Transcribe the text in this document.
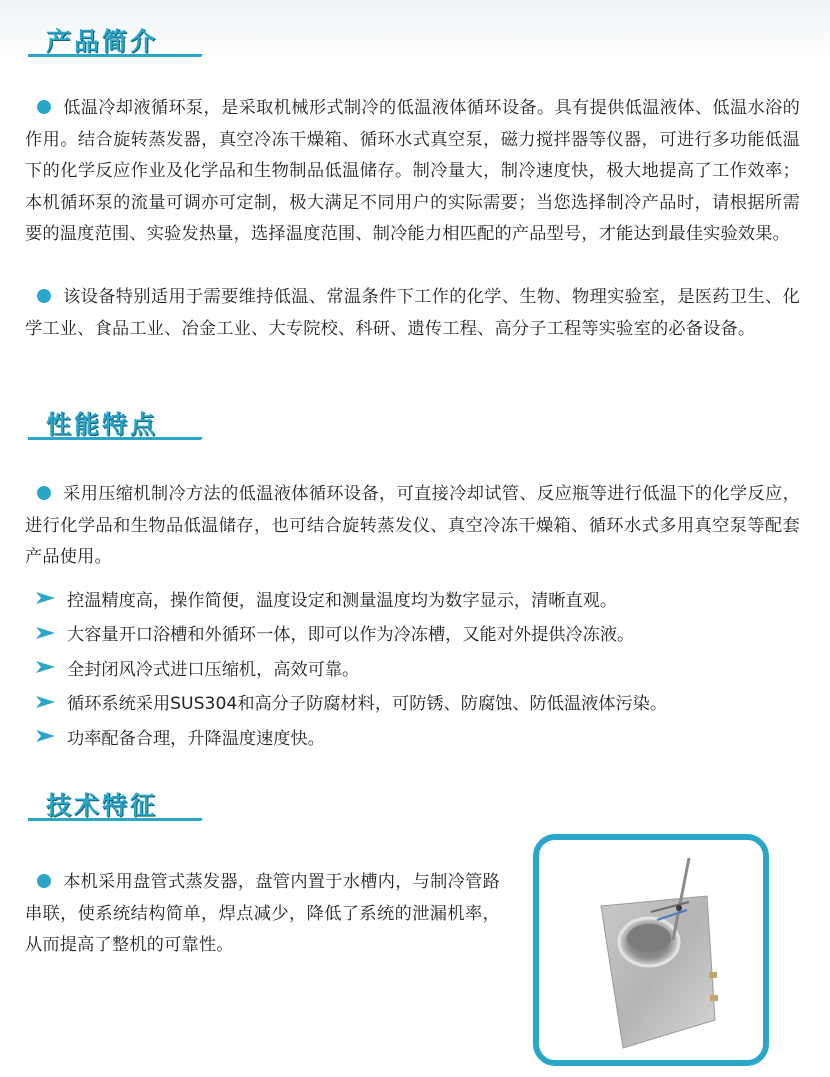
产品简介
低温冷却液循环泵，是采取机械形式制冷的低温液体循环设备。具有提供低温液体、低温水浴的作用。结合旋转蒸发器，真空冷冻干燥箱、循环水式真空泵，磁力搅拌器等仪器，可进行多功能低温下的化学反应作业及化学品和生物制品低温储存。制冷量大，制冷速度快，极大地提高了工作效率；本机循环泵的流量可调亦可定制，极大满足不同用户的实际需要；当您选择制冷产品时，请根据所需要的温度范围、实验发热量，选择温度范围、制冷能力相匹配的产品型号，才能达到最佳实验效果。
该设备特别适用于需要维持低温、常温条件下工作的化学、生物、物理实验室，是医药卫生、化学工业、食品工业、冶金工业、大专院校、科研、遗传工程、高分子工程等实验室的必备设备。
性能特点
采用压缩机制冷方法的低温液体循环设备，可直接冷却试管、反应瓶等进行低温下的化学反应，进行化学品和生物品低温储存，也可结合旋转蒸发仪、真空冷冻干燥箱、循环水式多用真空泵等配套产品使用。
控温精度高，操作简便，温度设定和测量温度均为数字显示，清晰直观。
大容量开口浴槽和外循环一体，即可以作为冷冻槽，又能对外提供冷冻液。
全封闭风冷式进口压缩机，高效可靠。
循环系统采用SUS304和高分子防腐材料，可防锈、防腐蚀、防低温液体污染。
功率配备合理，升降温度速度快。
技术特征
本机采用盘管式蒸发器，盘管内置于水槽内，与制冷管路串联，使系统结构简单，焊点减少，降低了系统的泄漏机率，从而提高了整机的可靠性。
